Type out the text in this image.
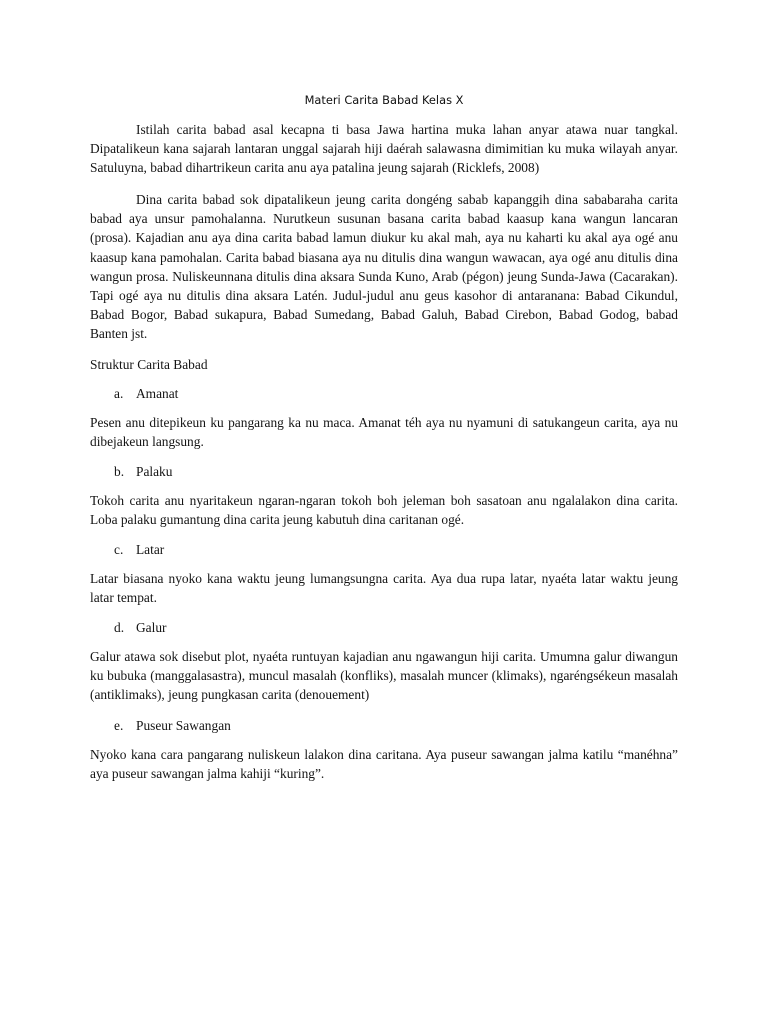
Materi Carita Babad Kelas X

Istilah carita babad asal kecapna ti basa Jawa hartina muka lahan anyar atawa nuar tangkal. Dipatalikeun kana sajarah lantaran unggal sajarah hiji daérah salawasna dimimitian ku muka wilayah anyar. Satuluyna, babad dihartrikeun carita anu aya patalina jeung sajarah (Ricklefs, 2008)

Dina carita babad sok dipatalikeun jeung carita dongéng sabab kapanggih dina sababaraha carita babad aya unsur pamohalanna. Nurutkeun susunan basana carita babad kaasup kana wangun lancaran (prosa). Kajadian anu aya dina carita babad lamun diukur ku akal mah, aya nu kaharti ku akal aya ogé anu kaasup kana pamohalan. Carita babad biasana aya nu ditulis dina wangun wawacan, aya ogé anu ditulis dina wangun prosa. Nuliskeunnana ditulis dina aksara Sunda Kuno, Arab (pégon) jeung Sunda-Jawa (Cacarakan). Tapi ogé aya nu ditulis dina aksara Latén. Judul-judul anu geus kasohor di antaranana: Babad Cikundul, Babad Bogor, Babad sukapura, Babad Sumedang, Babad Galuh, Babad Cirebon, Babad Godog, babad Banten jst.

Struktur Carita Babad

a. Amanat

Pesen anu ditepikeun ku pangarang ka nu maca. Amanat téh aya nu nyamuni di satukangeun carita, aya nu dibejakeun langsung.

b. Palaku

Tokoh carita anu nyaritakeun ngaran-ngaran tokoh boh jeleman boh sasatoan anu ngalalakon dina carita. Loba palaku gumantung dina carita jeung kabutuh dina caritanan ogé.

c. Latar

Latar biasana nyoko kana waktu jeung lumangsungna carita. Aya dua rupa latar, nyaéta latar waktu jeung latar tempat.

d. Galur

Galur atawa sok disebut plot, nyaéta runtuyan kajadian anu ngawangun hiji carita. Umumna galur diwangun ku bubuka (manggalasastra), muncul masalah (konfliks), masalah muncer (klimaks), ngaréngsékeun masalah (antiklimaks), jeung pungkasan carita (denouement)

e. Puseur Sawangan

Nyoko kana cara pangarang nuliskeun lalakon dina caritana. Aya puseur sawangan jalma katilu “manéhna” aya puseur sawangan jalma kahiji “kuring”.
